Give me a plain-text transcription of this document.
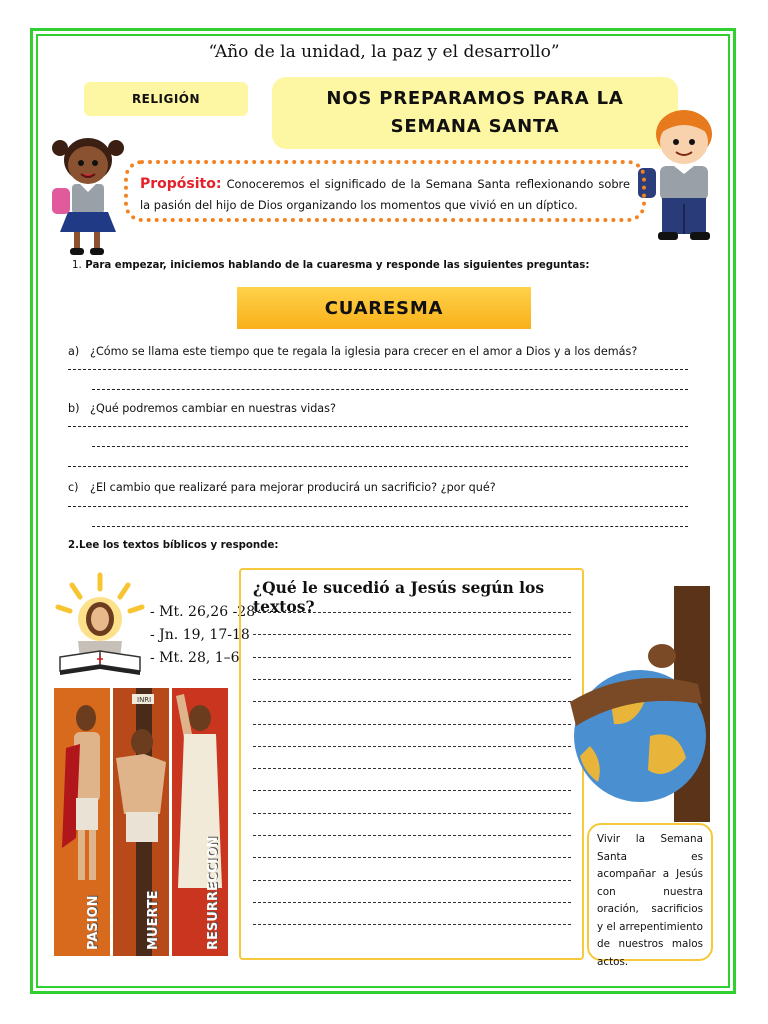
“Año de la unidad, la paz y el desarrollo”
RELIGIÓN	NOS PREPARAMOS PARA LA SEMANA SANTA
Propósito: Conoceremos el significado de la Semana Santa reflexionando sobre la pasión del hijo de Dios organizando los momentos que vivió en un díptico.
1. Para empezar, iniciemos hablando de la cuaresma y responde las siguientes preguntas:
CUARESMA
a) ¿Cómo se llama este tiempo que te regala la iglesia para crecer en el amor a Dios y a los demás?
b) ¿Qué podremos cambiar en nuestras vidas?
c) ¿El cambio que realizaré para mejorar producirá un sacrificio? ¿por qué?
2.Lee los textos bíblicos y responde:
- Mt. 26,26 -28
- Jn. 19, 17-18
- Mt. 28, 1–6
INRI
PASION	MUERTE	RESURRECCION
¿Qué le sucedió a Jesús según los textos?
Vivir la Semana Santa es acompañar a Jesús con nuestra oración, sacrificios y el arrepentimiento de nuestros malos actos.
